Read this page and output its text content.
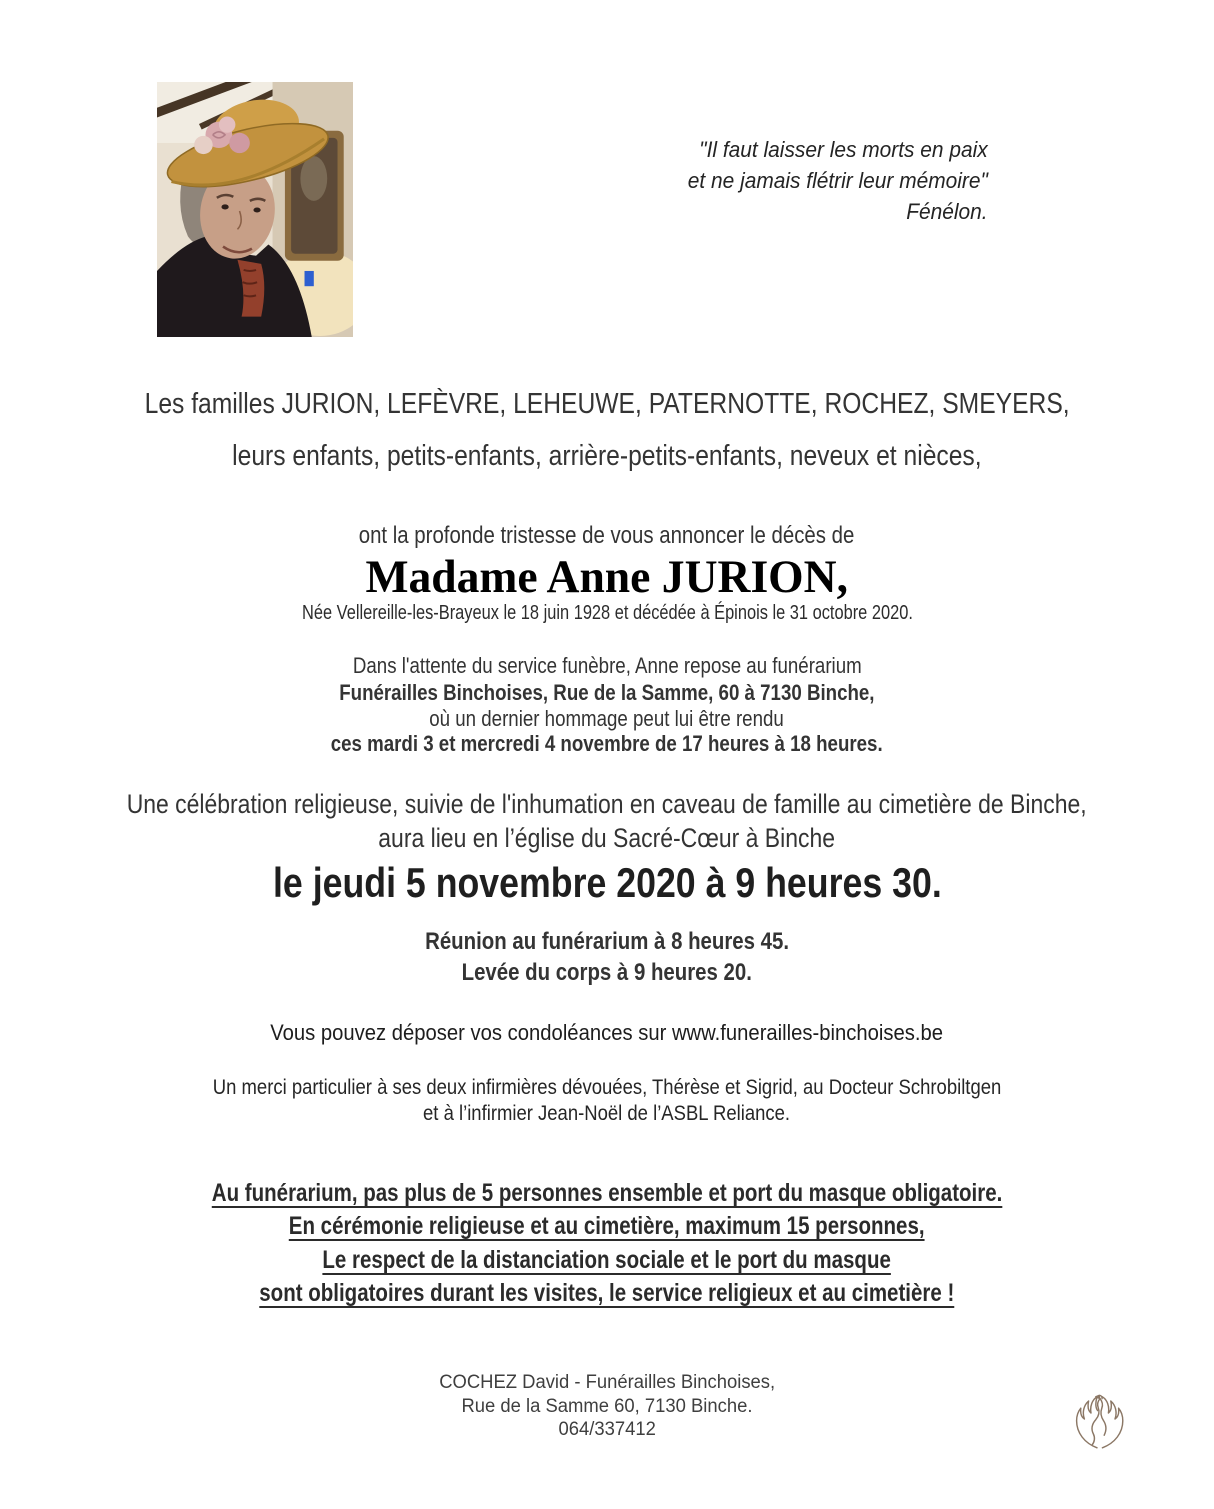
"Il faut laisser les morts en paix
et ne jamais flétrir leur mémoire"
Fénélon.
Les familles JURION, LEFÈVRE, LEHEUWE, PATERNOTTE, ROCHEZ, SMEYERS,
leurs enfants, petits-enfants, arrière-petits-enfants, neveux et nièces,
ont la profonde tristesse de vous annoncer le décès de
Madame Anne JURION,
Née Vellereille-les-Brayeux le 18 juin 1928 et décédée à Épinois le 31 octobre 2020.
Dans l'attente du service funèbre, Anne repose au funérarium
Funérailles Binchoises, Rue de la Samme, 60 à 7130 Binche,
où un dernier hommage peut lui être rendu
ces mardi 3 et mercredi 4 novembre de 17 heures à 18 heures.
Une célébration religieuse, suivie de l'inhumation en caveau de famille au cimetière de Binche,
aura lieu en l’église du Sacré-Cœur à Binche
le jeudi 5 novembre 2020 à 9 heures 30.
Réunion au funérarium à 8 heures 45.
Levée du corps à 9 heures 20.
Vous pouvez déposer vos condoléances sur www.funerailles-binchoises.be
Un merci particulier à ses deux infirmières dévouées, Thérèse et Sigrid, au Docteur Schrobiltgen
et à l’infirmier Jean-Noël de l’ASBL Reliance.
Au funérarium, pas plus de 5 personnes ensemble et port du masque obligatoire.
En cérémonie religieuse et au cimetière, maximum 15 personnes,
Le respect de la distanciation sociale et le port du masque
sont obligatoires durant les visites, le service religieux et au cimetière !
COCHEZ David - Funérailles Binchoises,
Rue de la Samme 60, 7130 Binche.
064/337412
